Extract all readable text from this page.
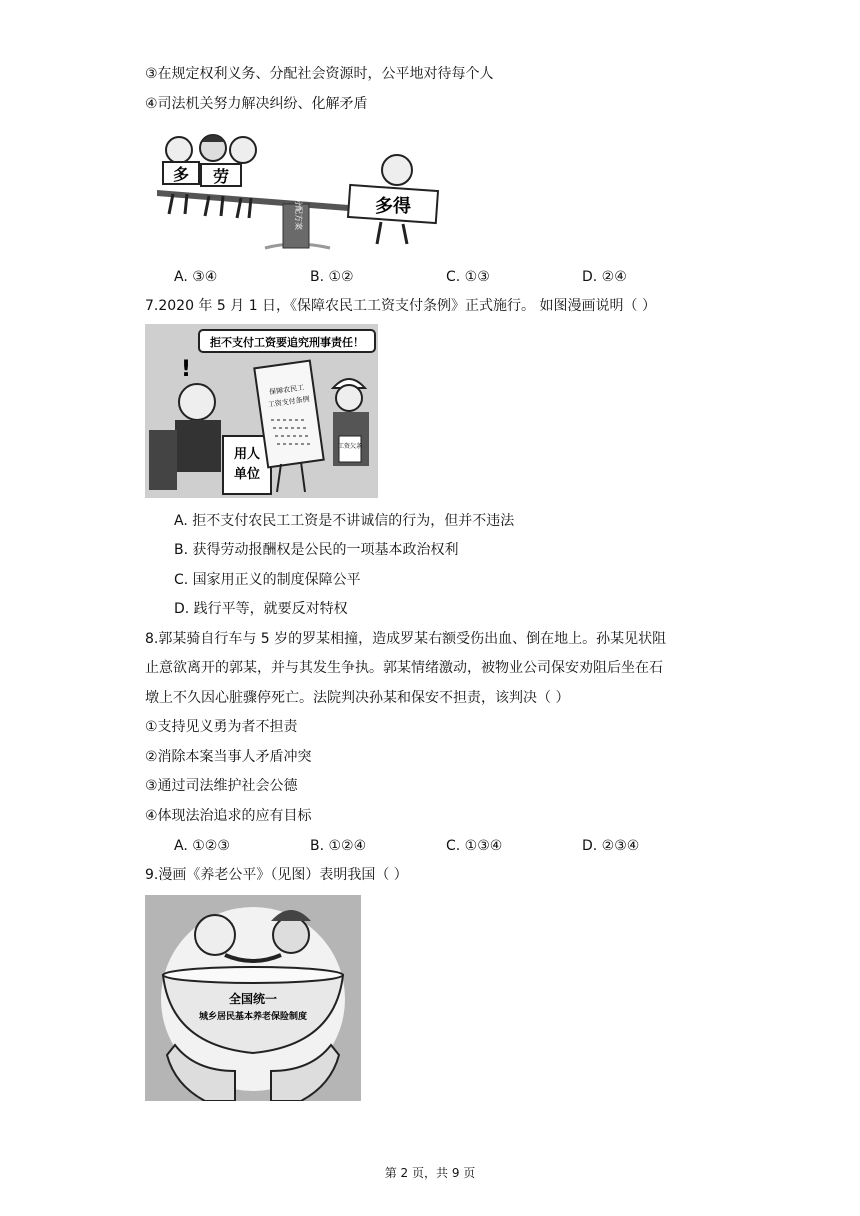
③在规定权利义务、分配社会资源时，公平地对待每个人
④司法机关努力解决纠纷、化解矛盾
分配方案
多 劳
多得
A. ③④	B. ①②	C. ①③	D. ②④
7.2020 年 5 月 1 日，《保障农民工工资支付条例》正式施行。 如图漫画说明（ ）
拒不支付工资要追究刑事责任！
!
用人
单位
保障农民工
工资支付条例
工资欠条
A. 拒不支付农民工工资是不讲诚信的行为，但并不违法
B. 获得劳动报酬权是公民的一项基本政治权利
C. 国家用正义的制度保障公平
D. 践行平等，就要反对特权
8.郭某骑自行车与 5 岁的罗某相撞，造成罗某右额受伤出血、倒在地上。孙某见状阻
止意欲离开的郭某，并与其发生争执。郭某情绪激动，被物业公司保安劝阻后坐在石
墩上不久因心脏骤停死亡。法院判决孙某和保安不担责，该判决（ ）
①支持见义勇为者不担责
②消除本案当事人矛盾冲突
③通过司法维护社会公德
④体现法治追求的应有目标
A. ①②③	B. ①②④	C. ①③④	D. ②③④
9.漫画《养老公平》（见图）表明我国（ ）
全国统一
城乡居民基本养老保险制度
第 2 页，共 9 页
